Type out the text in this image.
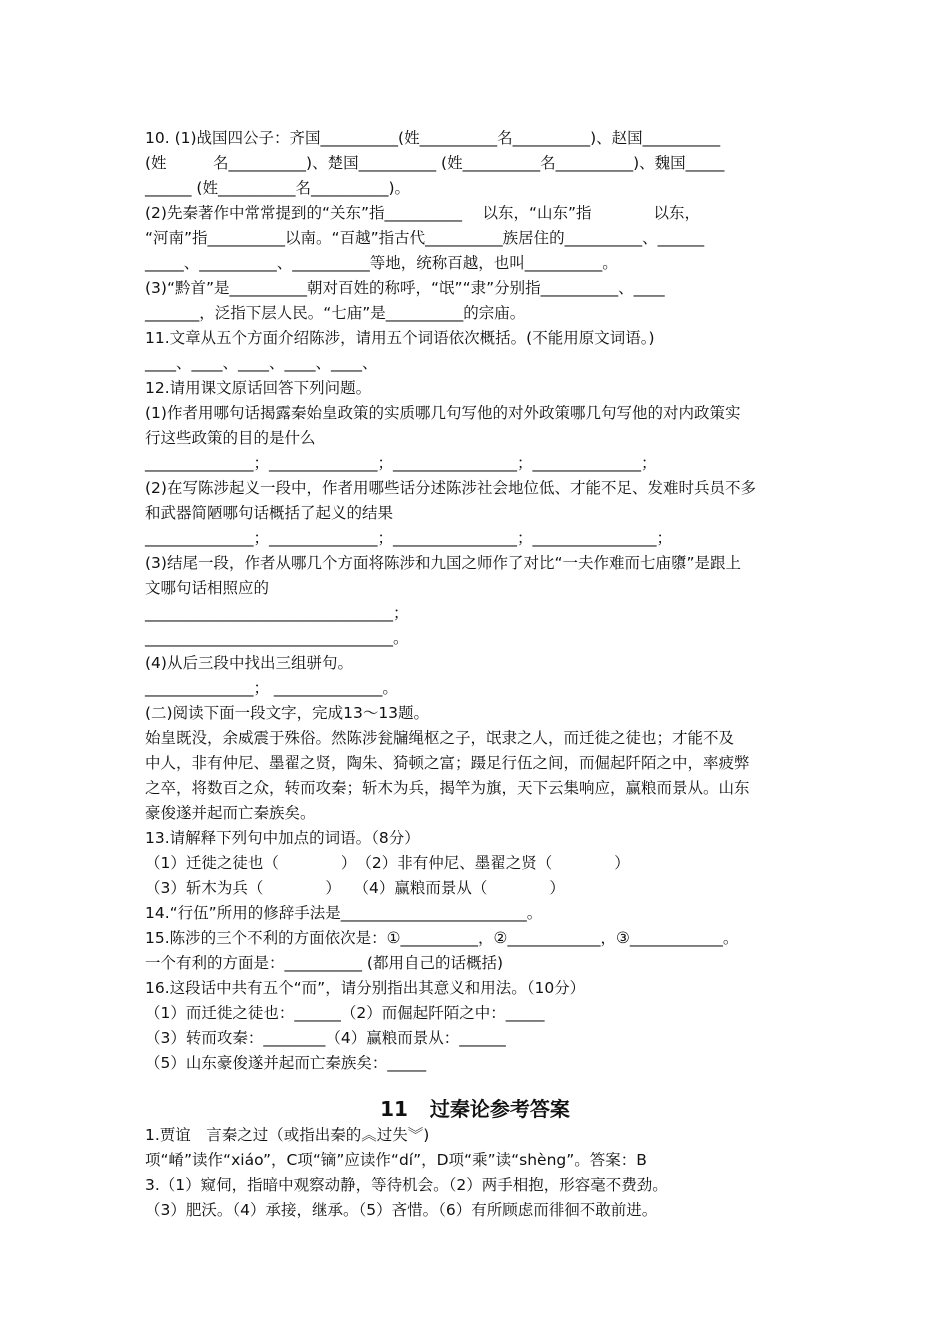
10. (1)战国四公子：齐国__________(姓__________名__________)、赵国__________
(姓　　　名__________)、楚国__________ (姓__________名__________)、魏国_____
______ (姓__________名__________)。
(2)先秦著作中常常提到的“关东”指__________　 以东，“山东”指　　　　以东，
“河南”指__________以南。“百越”指古代__________族居住的__________、______
_____、__________、__________等地，统称百越，也叫__________。
(3)“黔首”是__________朝对百姓的称呼，“氓”“隶”分别指__________、____
_______，泛指下层人民。“七庙”是__________的宗庙。
11.文章从五个方面介绍陈涉，请用五个词语依次概括。(不能用原文词语。)
____、____、____、____、____、
12.请用课文原话回答下列问题。
(1)作者用哪句话揭露秦始皇政策的实质哪几句写他的对外政策哪几句写他的对内政策实
行这些政策的目的是什么
______________；______________；________________；______________；
(2)在写陈涉起义一段中，作者用哪些话分述陈涉社会地位低、才能不足、发难时兵员不多
和武器简陋哪句话概括了起义的结果
______________；______________；________________；________________；
(3)结尾一段，作者从哪几个方面将陈涉和九国之师作了对比“一夫作难而七庙隳”是跟上
文哪句话相照应的
________________________________；
________________________________。
(4)从后三段中找出三组骈句。
______________； ______________。
(二)阅读下面一段文字，完成13～13题。
始皇既没，余威震于殊俗。然陈涉瓮牖绳枢之子，氓隶之人，而迁徙之徒也；才能不及
中人，非有仲尼、墨翟之贤，陶朱、猗顿之富；蹑足行伍之间，而倔起阡陌之中，率疲弊
之卒，将数百之众，转而攻秦；斩木为兵，揭竿为旗，天下云集响应，赢粮而景从。山东
豪俊遂并起而亡秦族矣。
13.请解释下列句中加点的词语。（8分）
（1）迁徙之徒也（　　　　）　（2）非有仲尼、墨翟之贤（　　　　）
（3）斩木为兵（　　　　）　 （4）赢粮而景从（　　　　）
14.“行伍”所用的修辞手法是________________________。
15.陈涉的三个不利的方面依次是：①__________，②____________，③____________。
一个有利的方面是：__________ (都用自己的话概括)
16.这段话中共有五个“而”，请分别指出其意义和用法。（10分）
（1）而迁徙之徒也：______（2）而倔起阡陌之中：_____
（3）转而攻秦：________（4）赢粮而景从：______
（5）山东豪俊遂并起而亡秦族矣：_____
11 过秦论参考答案
1.贾谊　言秦之过（或指出秦的︽过失︾)
项“崤”读作“xiáo”，C项“镝”应读作“dí”，D项“乘”读“shèng”。答案：B
3.（1）窥伺，指暗中观察动静，等待机会。（2）两手相抱，形容毫不费劲。
（3）肥沃。（4）承接，继承。（5）吝惜。（6）有所顾虑而徘徊不敢前进。
